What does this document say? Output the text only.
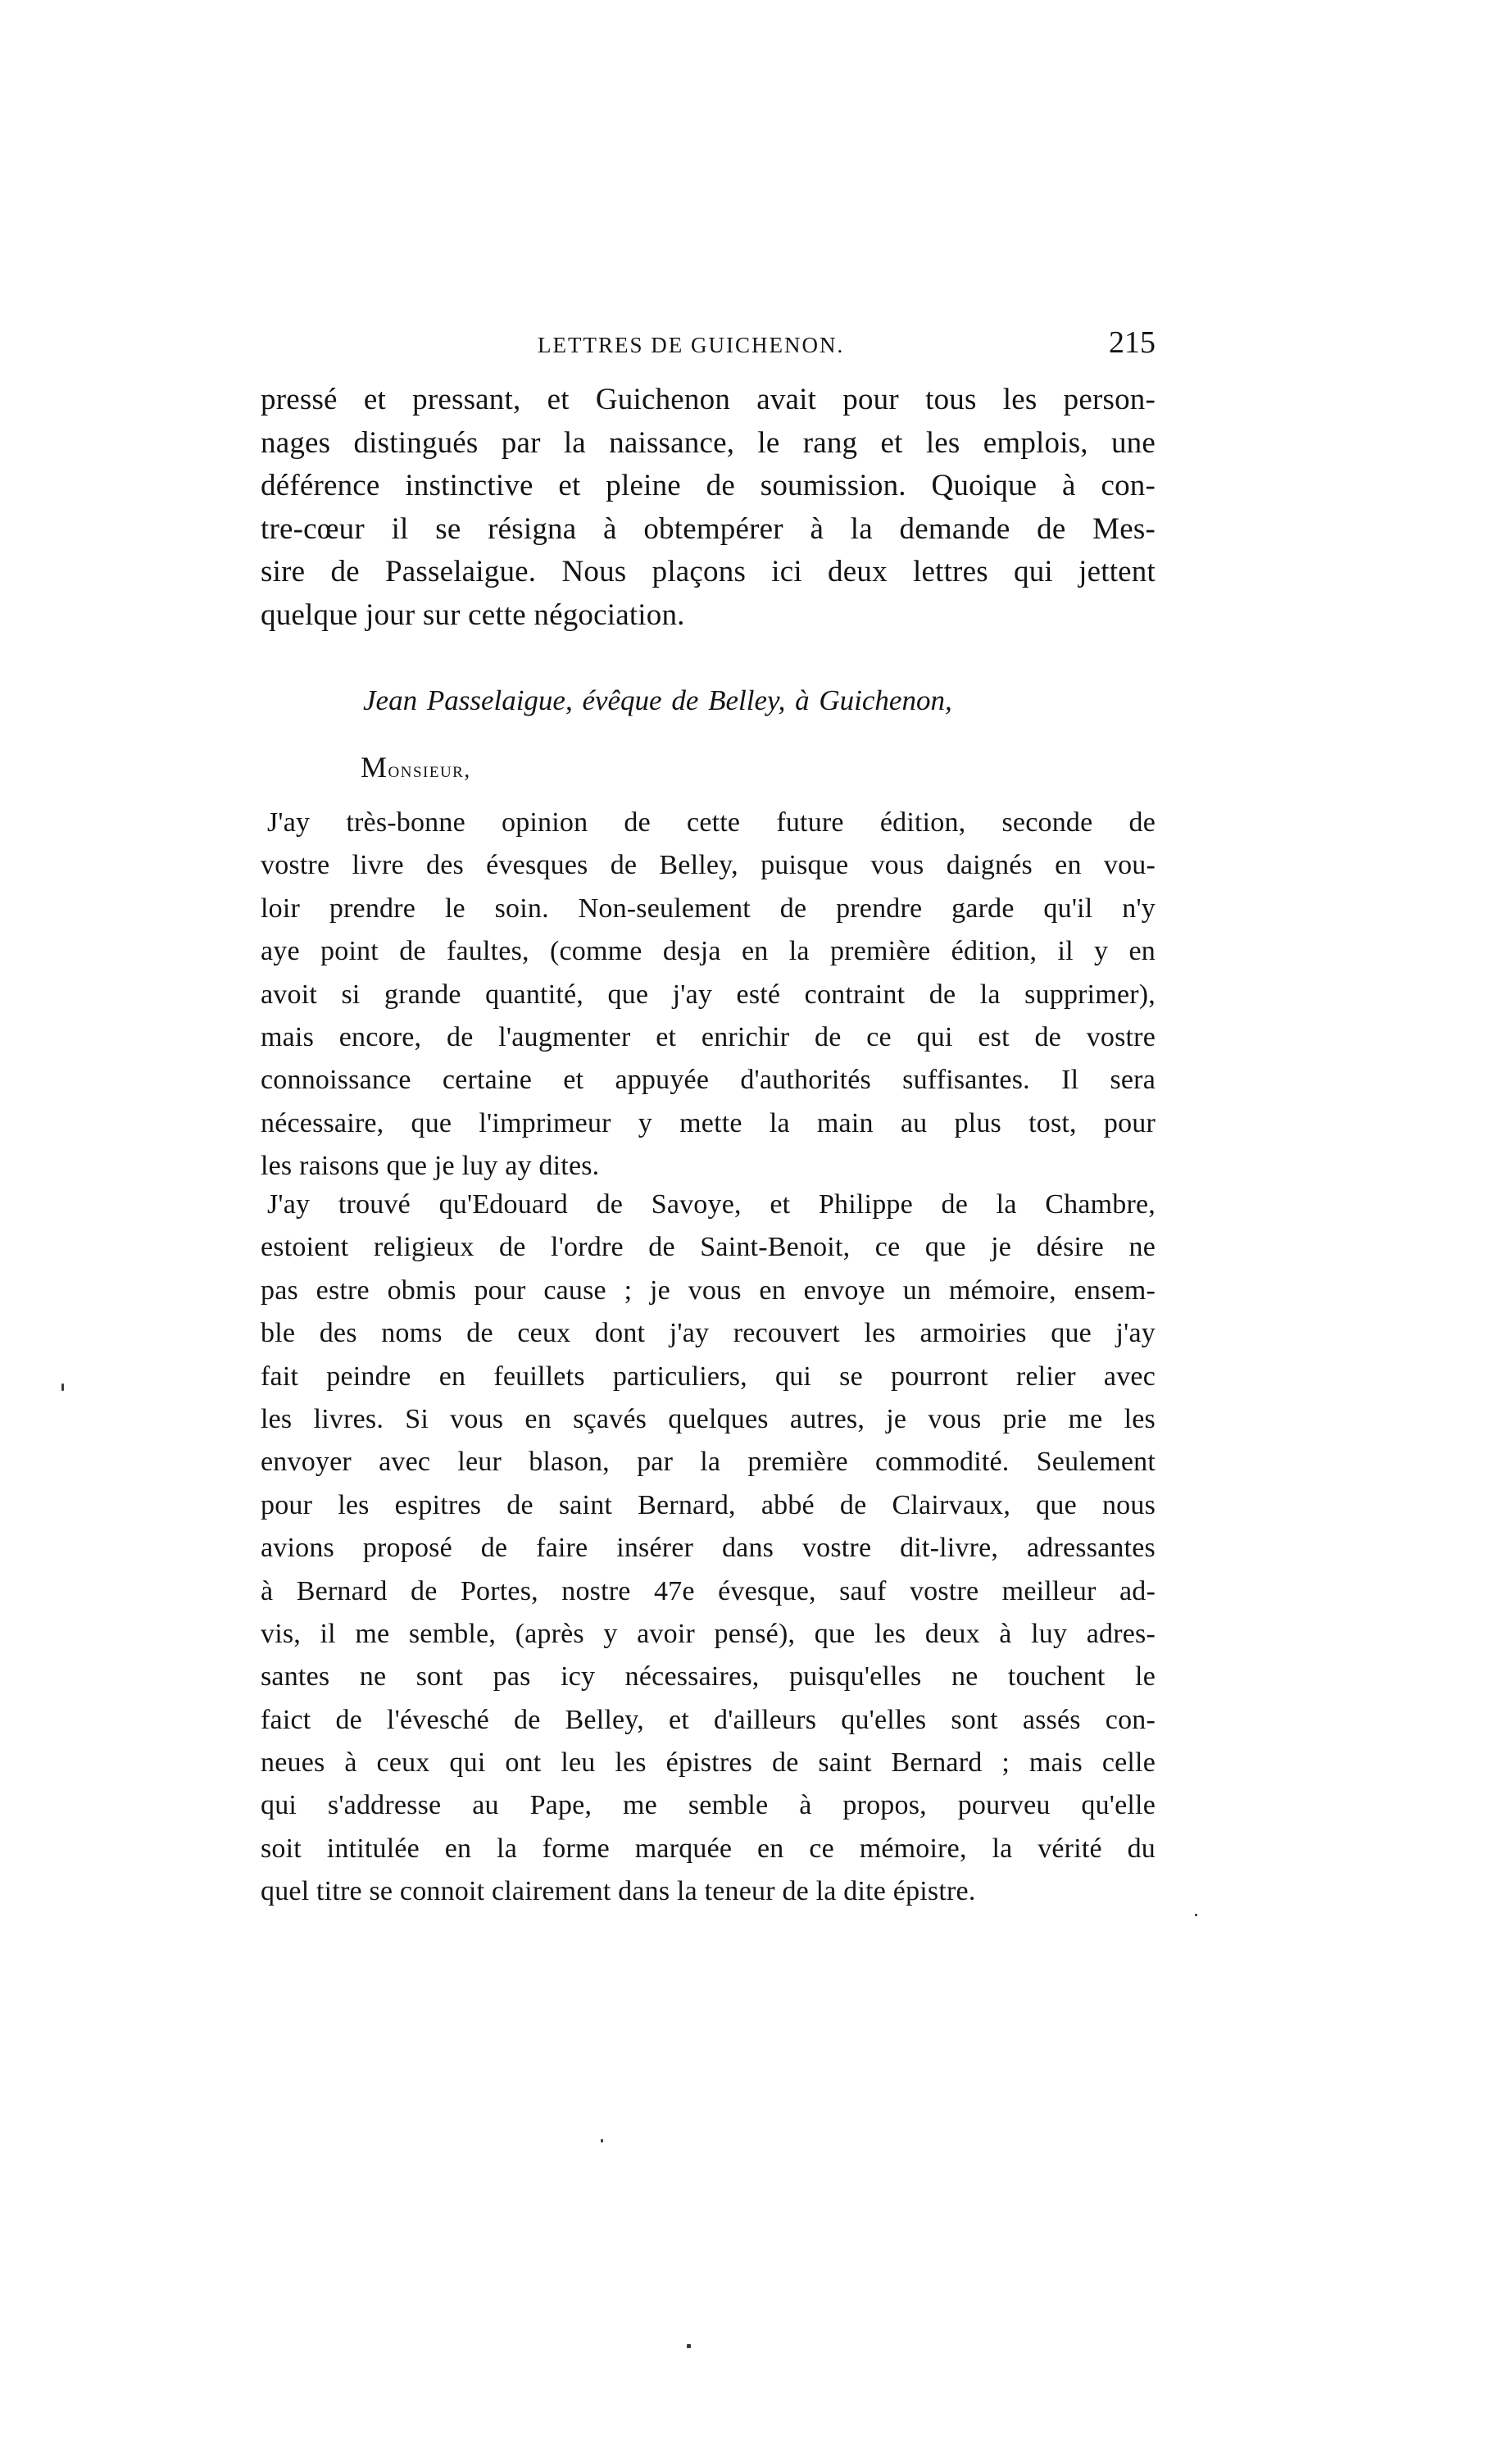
LETTRES DE GUICHENON.	215
pressé et pressant, et Guichenon avait pour tous les person-
nages distingués par la naissance, le rang et les emplois, une
déférence instinctive et pleine de soumission. Quoique à con-
tre-cœur il se résigna à obtempérer à la demande de Mes-
sire de Passelaigue. Nous plaçons ici deux lettres qui jettent
quelque jour sur cette négociation.
Jean Passelaigue, évêque de Belley, à Guichenon,
Monsieur,
J'ay très-bonne opinion de cette future édition, seconde de
vostre livre des évesques de Belley, puisque vous daignés en vou-
loir prendre le soin. Non-seulement de prendre garde qu'il n'y
aye point de faultes, (comme desja en la première édition, il y en
avoit si grande quantité, que j'ay esté contraint de la supprimer),
mais encore, de l'augmenter et enrichir de ce qui est de vostre
connoissance certaine et appuyée d'authorités suffisantes. Il sera
nécessaire, que l'imprimeur y mette la main au plus tost, pour
les raisons que je luy ay dites.
J'ay trouvé qu'Edouard de Savoye, et Philippe de la Chambre,
estoient religieux de l'ordre de Saint-Benoit, ce que je désire ne
pas estre obmis pour cause ; je vous en envoye un mémoire, ensem-
ble des noms de ceux dont j'ay recouvert les armoiries que j'ay
fait peindre en feuillets particuliers, qui se pourront relier avec
les livres. Si vous en sçavés quelques autres, je vous prie me les
envoyer avec leur blason, par la première commodité. Seulement
pour les espitres de saint Bernard, abbé de Clairvaux, que nous
avions proposé de faire insérer dans vostre dit-livre, adressantes
à Bernard de Portes, nostre 47e évesque, sauf vostre meilleur ad-
vis, il me semble, (après y avoir pensé), que les deux à luy adres-
santes ne sont pas icy nécessaires, puisqu'elles ne touchent le
faict de l'évesché de Belley, et d'ailleurs qu'elles sont assés con-
neues à ceux qui ont leu les épistres de saint Bernard ; mais celle
qui s'addresse au Pape, me semble à propos, pourveu qu'elle
soit intitulée en la forme marquée en ce mémoire, la vérité du
quel titre se connoit clairement dans la teneur de la dite épistre.
